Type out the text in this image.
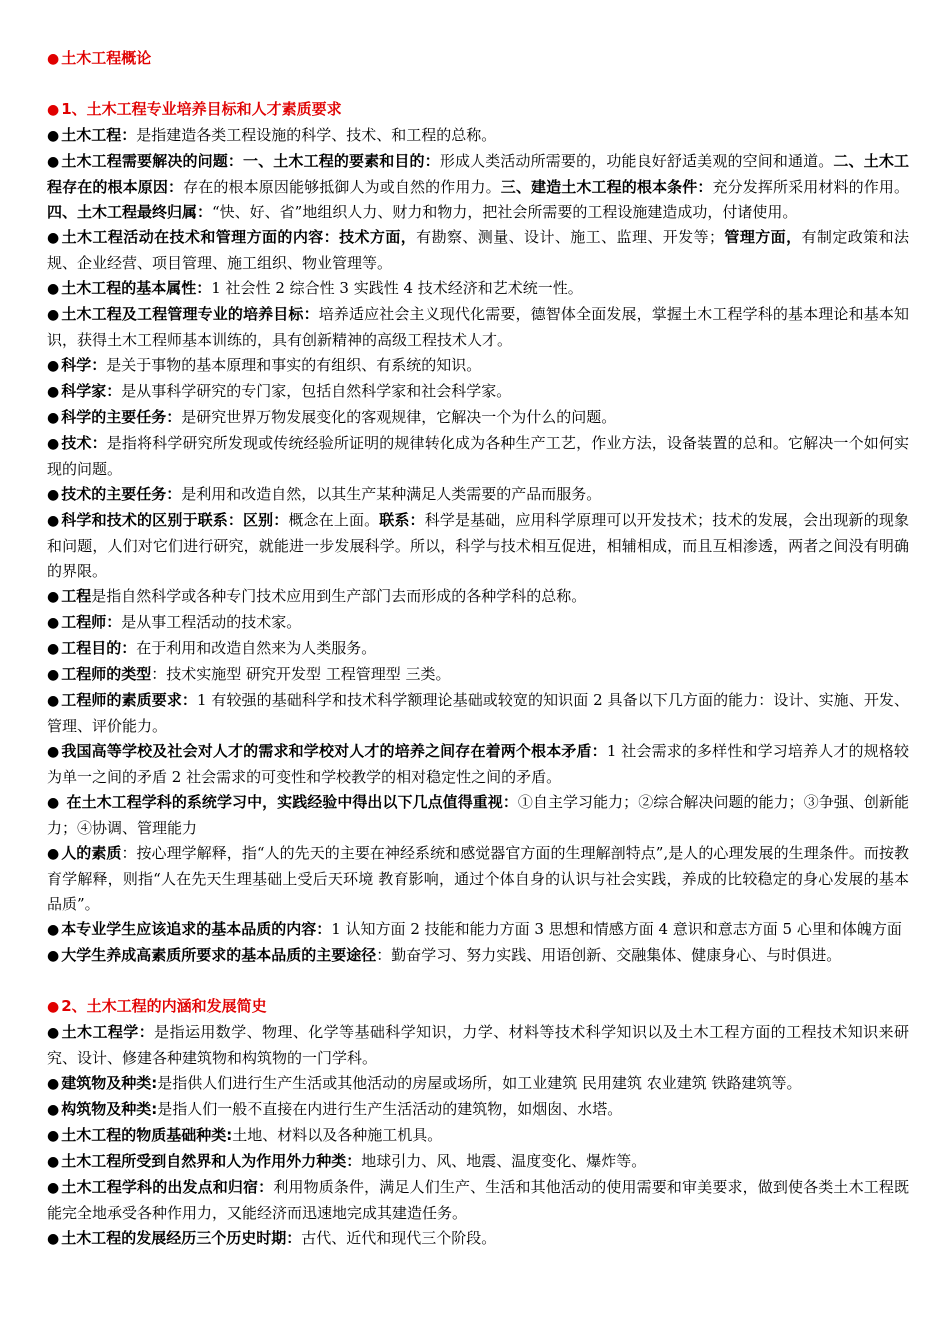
● 土木工程概论
● 1、土木工程专业培养目标和人才素质要求
● 土木工程：是指建造各类工程设施的科学、技术、和工程的总称。
● 土木工程需要解决的问题：一、土木工程的要素和目的：形成人类活动所需要的，功能良好舒适美观的空间和通道。二、土木工程存在的根本原因：存在的根本原因能够抵御人为或自然的作用力。三、建造土木工程的根本条件：充分发挥所采用材料的作用。四、土木工程最终归属：“快、好、省”地组织人力、财力和物力，把社会所需要的工程设施建造成功，付诸使用。
● 土木工程活动在技术和管理方面的内容：技术方面，有勘察、测量、设计、施工、监理、开发等；管理方面，有制定政策和法规、企业经营、项目管理、施工组织、物业管理等。
● 土木工程的基本属性：1 社会性 2 综合性 3 实践性 4 技术经济和艺术统一性。
● 土木工程及工程管理专业的培养目标：培养适应社会主义现代化需要，德智体全面发展，掌握土木工程学科的基本理论和基本知识，获得土木工程师基本训练的，具有创新精神的高级工程技术人才。
● 科学：是关于事物的基本原理和事实的有组织、有系统的知识。
● 科学家：是从事科学研究的专门家，包括自然科学家和社会科学家。
● 科学的主要任务：是研究世界万物发展变化的客观规律，它解决一个为什么的问题。
● 技术：是指将科学研究所发现或传统经验所证明的规律转化成为各种生产工艺，作业方法，设备装置的总和。它解决一个如何实现的问题。
● 技术的主要任务：是利用和改造自然，以其生产某种满足人类需要的产品而服务。
● 科学和技术的区别于联系：区别：概念在上面。联系：科学是基础，应用科学原理可以开发技术；技术的发展，会出现新的现象和问题，人们对它们进行研究，就能进一步发展科学。所以，科学与技术相互促进，相辅相成，而且互相渗透，两者之间没有明确的界限。
● 工程是指自然科学或各种专门技术应用到生产部门去而形成的各种学科的总称。
● 工程师：是从事工程活动的技术家。
● 工程目的：在于利用和改造自然来为人类服务。
● 工程师的类型：技术实施型 研究开发型 工程管理型 三类。
● 工程师的素质要求：1 有较强的基础科学和技术科学额理论基础或较宽的知识面 2 具备以下几方面的能力：设计、实施、开发、管理、评价能力。
● 我国高等学校及社会对人才的需求和学校对人才的培养之间存在着两个根本矛盾：1 社会需求的多样性和学习培养人才的规格较为单一之间的矛盾 2 社会需求的可变性和学校教学的相对稳定性之间的矛盾。
● 在土木工程学科的系统学习中，实践经验中得出以下几点值得重视：①自主学习能力；②综合解决问题的能力；③争强、创新能力；④协调、管理能力
● 人的素质：按心理学解释，指“人的先天的主要在神经系统和感觉器官方面的生理解剖特点”,是人的心理发展的生理条件。而按教育学解释，则指“人在先天生理基础上受后天环境 教育影响，通过个体自身的认识与社会实践，养成的比较稳定的身心发展的基本品质”。
● 本专业学生应该追求的基本品质的内容：1 认知方面 2 技能和能力方面 3 思想和情感方面 4 意识和意志方面 5 心里和体魄方面
● 大学生养成高素质所要求的基本品质的主要途径：勤奋学习、努力实践、用语创新、交融集体、健康身心、与时俱进。
● 2、土木工程的内涵和发展简史
● 土木工程学：是指运用数学、物理、化学等基础科学知识，力学、材料等技术科学知识以及土木工程方面的工程技术知识来研究、设计、修建各种建筑物和构筑物的一门学科。
● 建筑物及种类:是指供人们进行生产生活或其他活动的房屋或场所，如工业建筑 民用建筑 农业建筑 铁路建筑等。
● 构筑物及种类:是指人们一般不直接在内进行生产生活活动的建筑物，如烟囱、水塔。
● 土木工程的物质基础种类:土地、材料以及各种施工机具。
● 土木工程所受到自然界和人为作用外力种类：地球引力、风、地震、温度变化、爆炸等。
● 土木工程学科的出发点和归宿：利用物质条件，满足人们生产、生活和其他活动的使用需要和审美要求，做到使各类土木工程既能完全地承受各种作用力，又能经济而迅速地完成其建造任务。
● 土木工程的发展经历三个历史时期：古代、近代和现代三个阶段。
